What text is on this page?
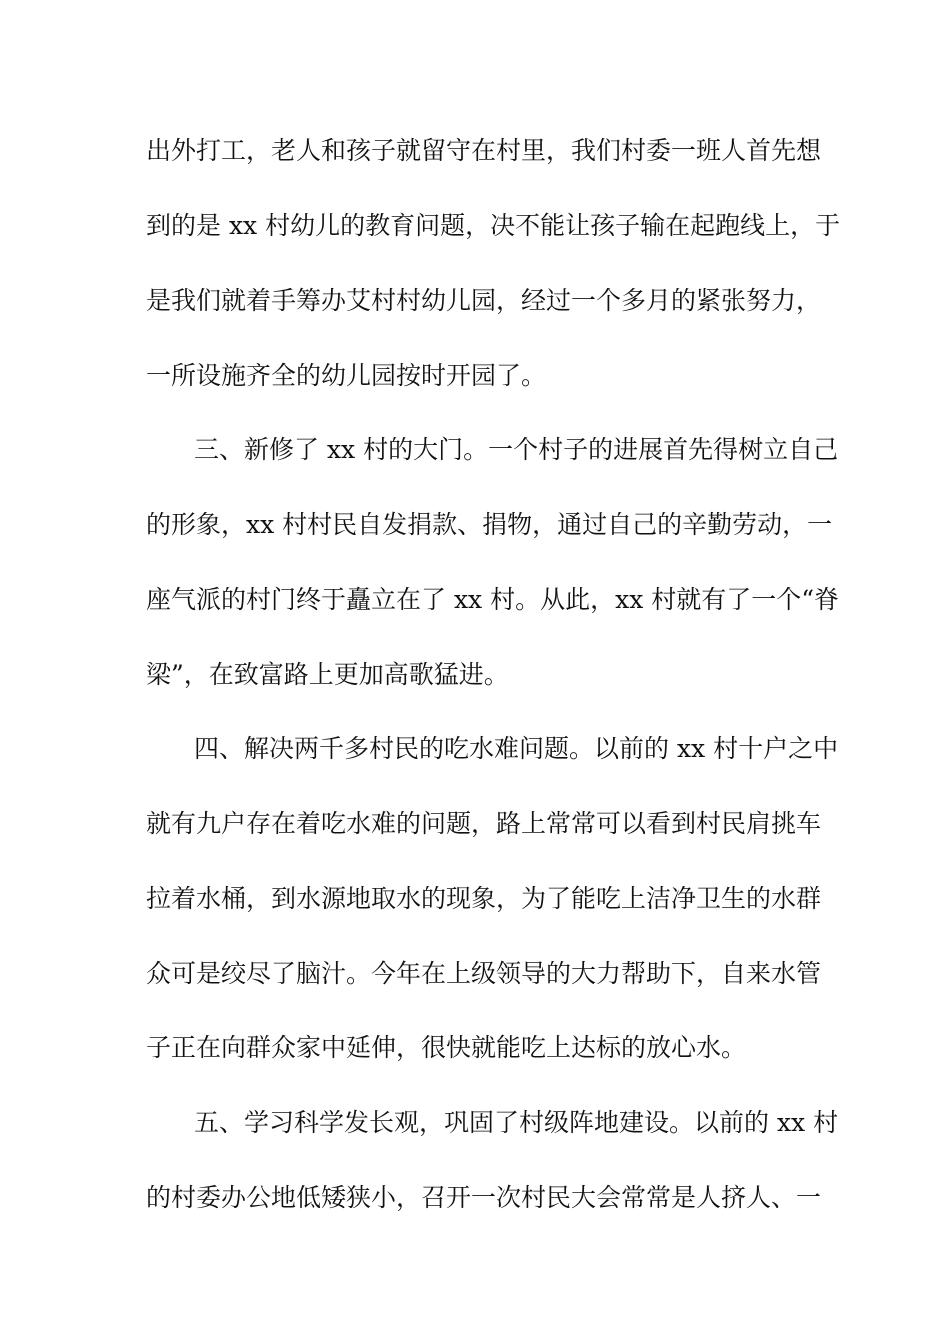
出外打工，老人和孩子就留守在村里，我们村委一班人首先想
到的是 xx 村幼儿的教育问题，决不能让孩子输在起跑线上，于
是我们就着手筹办艾村村幼儿园，经过一个多月的紧张努力，
一所设施齐全的幼儿园按时开园了。
三、新修了 xx 村的大门。一个村子的进展首先得树立自己
的形象，xx 村村民自发捐款、捐物，通过自己的辛勤劳动，一
座气派的村门终于矗立在了 xx 村。从此，xx 村就有了一个“脊
梁”，在致富路上更加高歌猛进。
四、解决两千多村民的吃水难问题。以前的 xx 村十户之中
就有九户存在着吃水难的问题，路上常常可以看到村民肩挑车
拉着水桶，到水源地取水的现象，为了能吃上洁净卫生的水群
众可是绞尽了脑汁。今年在上级领导的大力帮助下，自来水管
子正在向群众家中延伸，很快就能吃上达标的放心水。
五、学习科学发长观，巩固了村级阵地建设。以前的 xx 村
的村委办公地低矮狭小，召开一次村民大会常常是人挤人、一
